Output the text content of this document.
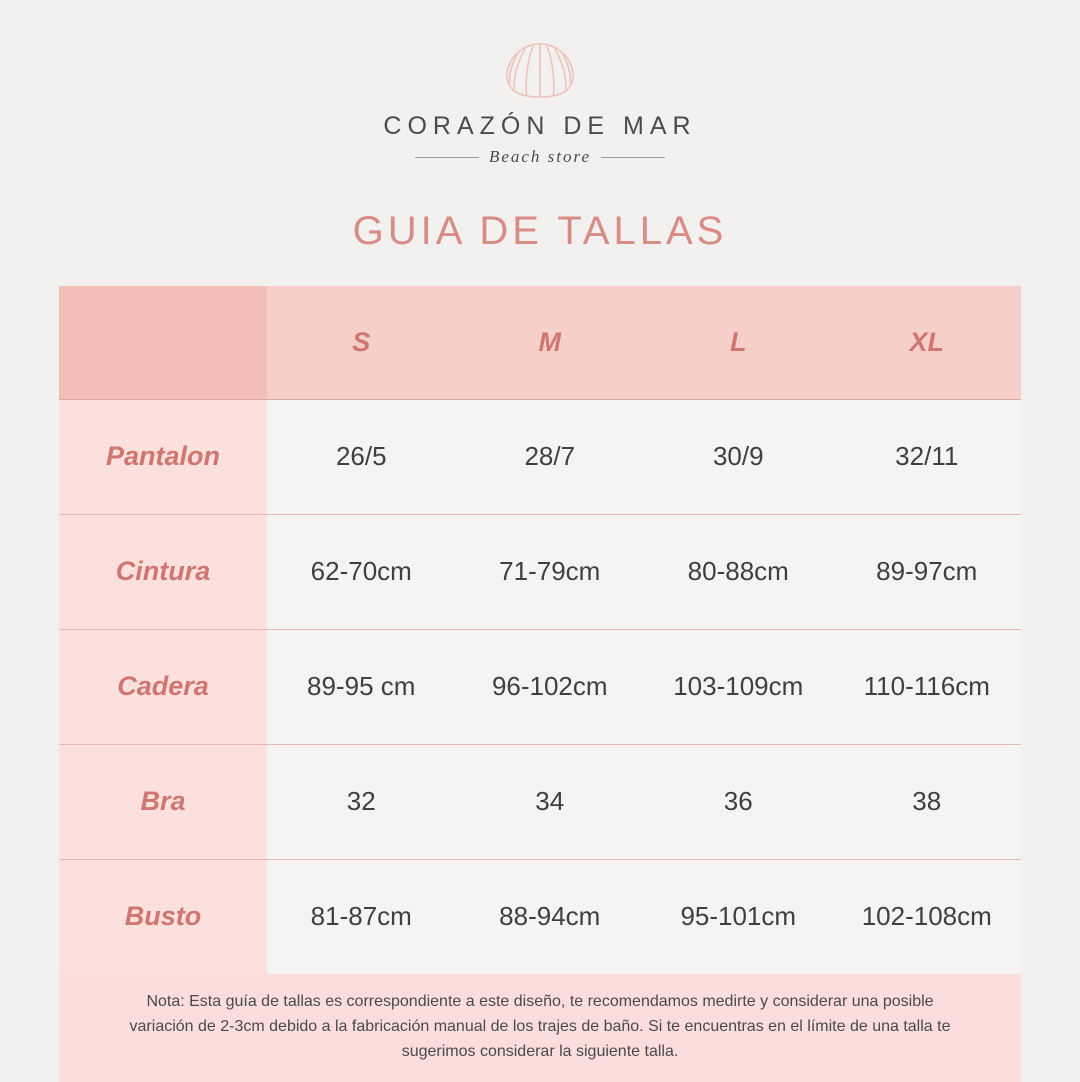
CORAZÓN DE MAR
Beach store
GUIA DE TALLAS
	S	M	L	XL
Pantalon	26/5	28/7	30/9	32/11
Cintura	62-70cm	71-79cm	80-88cm	89-97cm
Cadera	89-95 cm	96-102cm	103-109cm	110-116cm
Bra	32	34	36	38
Busto	81-87cm	88-94cm	95-101cm	102-108cm
Nota: Esta guía de tallas es correspondiente a este diseño, te recomendamos medirte y considerar una posible variación de 2-3cm debido a la fabricación manual de los trajes de baño. Si te encuentras en el límite de una talla te sugerimos considerar la siguiente talla.
